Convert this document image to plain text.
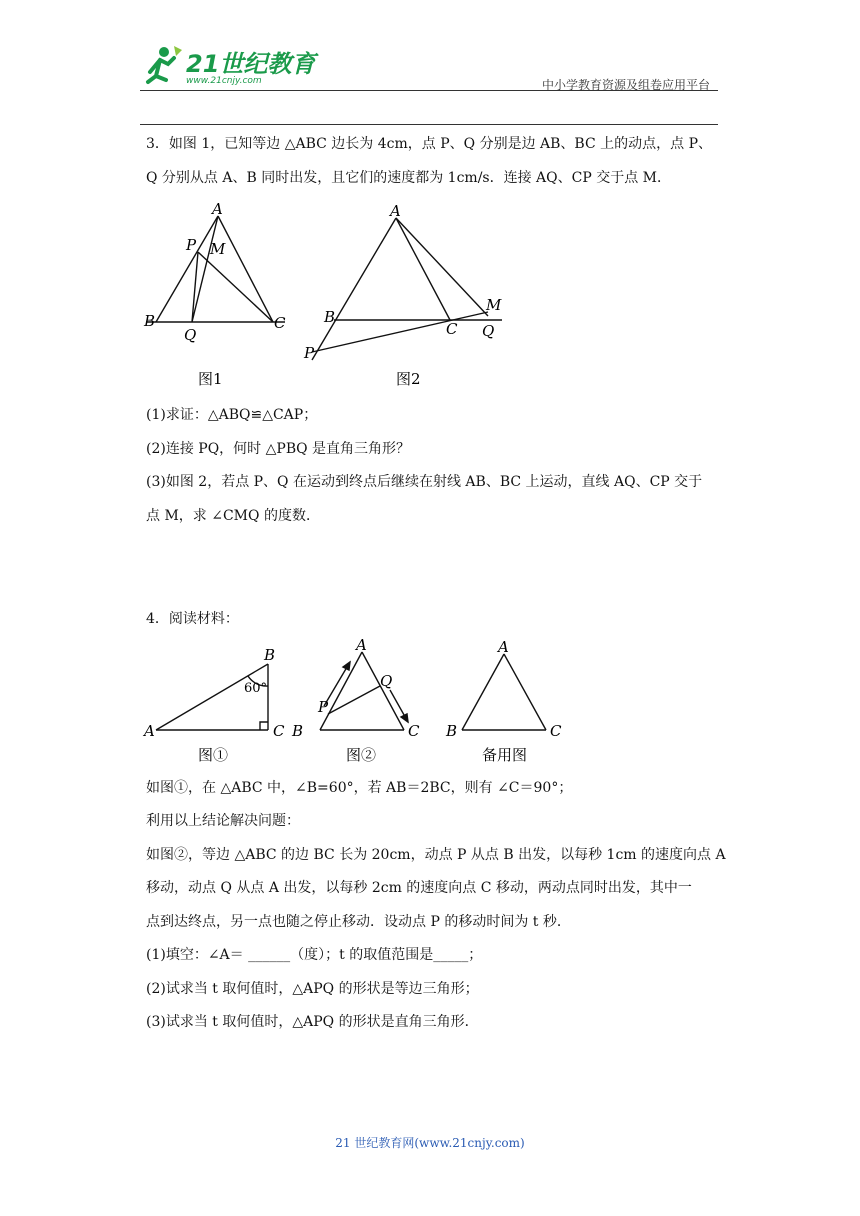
21世纪教育
www.21cnjy.com	中小学教育资源及组卷应用平台
3．如图 1，已知等边 △ABC 边长为 4cm，点 P、Q 分别是边 AB、BC 上的动点，点 P、
Q 分别从点 A、B 同时出发，且它们的速度都为 1cm/s．连接 AQ、CP 交于点 M．
A
P M
B
Q
C
图1
A
M
B
C Q
P
图2
(1)求证：△ABQ≌△CAP；
(2)连接 PQ，何时 △PBQ 是直角三角形？
(3)如图 2，若点 P、Q 在运动到终点后继续在射线 AB、BC 上运动，直线 AQ、CP 交于
点 M，求 ∠CMQ 的度数．
4．阅读材料：
B
60°
A	C
图①
A
Q
P
B	C
图②
A
B	C
备用图
如图①，在 △ABC 中，∠B=60°，若 AB＝2BC，则有 ∠C＝90°；
利用以上结论解决问题：
如图②，等边 △ABC 的边 BC 长为 20cm，动点 P 从点 B 出发，以每秒 1cm 的速度向点 A
移动，动点 Q 从点 A 出发，以每秒 2cm 的速度向点 C 移动，两动点同时出发，其中一
点到达终点，另一点也随之停止移动．设动点 P 的移动时间为 t 秒．
(1)填空：∠A＝ ______（度）；t 的取值范围是_____；
(2)试求当 t 取何值时，△APQ 的形状是等边三角形；
(3)试求当 t 取何值时，△APQ 的形状是直角三角形．
21 世纪教育网(www.21cnjy.com)
